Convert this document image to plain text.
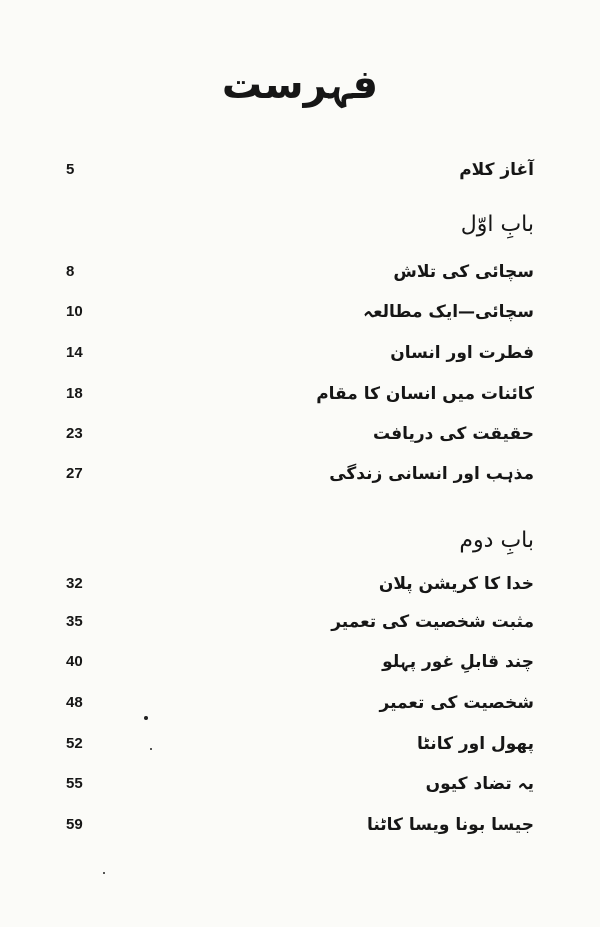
فہرست
5	آغاز کلام
بابِ اوّل
8	سچائی کی تلاش
10	سچائی—ایک مطالعہ
14	فطرت اور انسان
18	کائنات میں انسان کا مقام
23	حقیقت کی دریافت
27	مذہب اور انسانی زندگی
بابِ دوم
32	خدا کا کریشن پلان
35	مثبت شخصیت کی تعمیر
40	چند قابلِ غور پہلو
48	شخصیت کی تعمیر
52	پھول اور کانٹا
55	یہ تضاد کیوں
59	جیسا بونا ویسا کاٹنا
